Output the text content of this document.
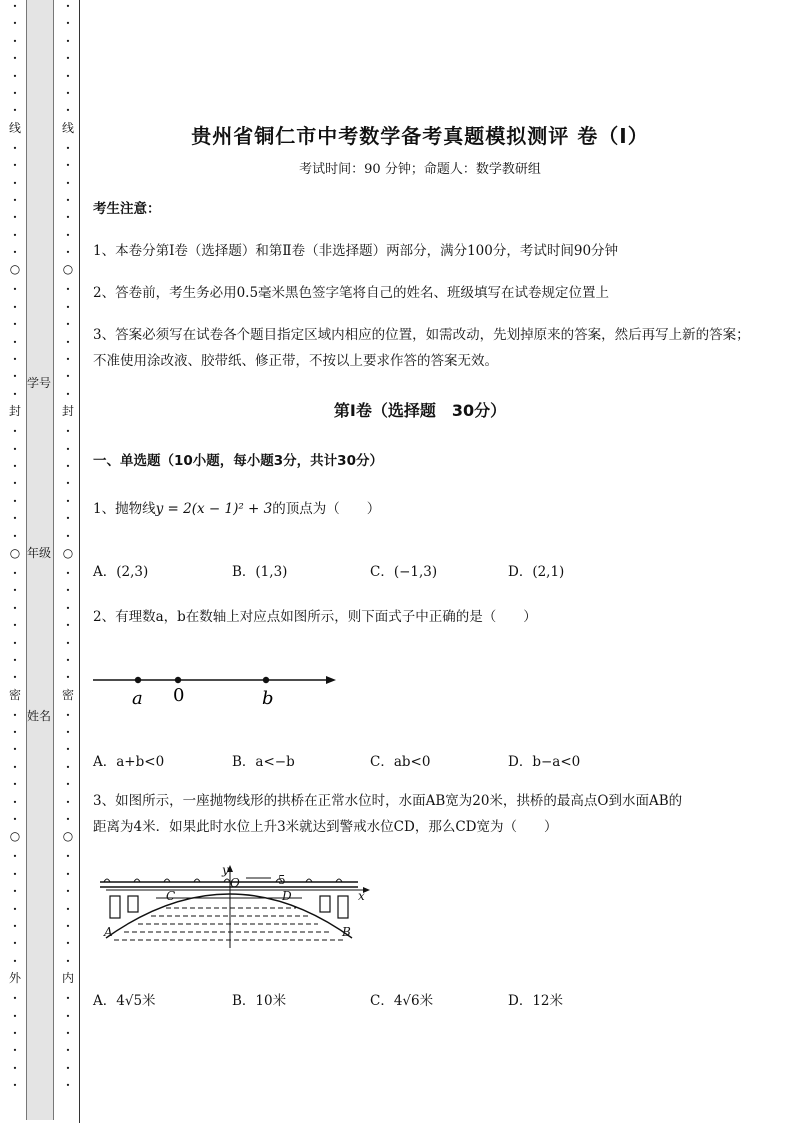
·
·
·
·
·
·
·
线
·
·
·
·
·
·
·
○
·
·
·
·
·
·
·
封
·
·
·
·
·
·
·
○
·
·
·
·
·
·
·
密
·
·
·
·
·
·
·
○
·
·
·
·
·
·
·
外
·
·
·
·
·
·
·
·
·
·
·
·
·
线
·
·
·
·
·
·
·
○
·
·
·
·
·
·
·
封
·
·
·
·
·
·
·
○
·
·
·
·
·
·
·
密
·
·
·
·
·
·
·
○
·
·
·
·
·
·
·
内
·
·
·
·
·
·
学号
年级
姓名
贵州省铜仁市中考数学备考真题模拟测评 卷（Ⅰ）
考试时间：90 分钟；命题人：数学教研组
考生注意：
1、本卷分第Ⅰ卷（选择题）和第Ⅱ卷（非选择题）两部分，满分100分，考试时间90分钟
2、答卷前，考生务必用0.5毫米黑色签字笔将自己的姓名、班级填写在试卷规定位置上
3、答案必须写在试卷各个题目指定区域内相应的位置，如需改动，先划掉原来的答案，然后再写上新的答案；不准使用涂改液、胶带纸、修正带，不按以上要求作答的答案无效。
第Ⅰ卷（选择题　30分）
一、单选题（10小题，每小题3分，共计30分）
1、抛物线y = 2(x − 1)² + 3的顶点为（　　）
A．(2,3)	B．(1,3)	C．(−1,3)	D．(2,1)
2、有理数a，b在数轴上对应点如图所示，则下面式子中正确的是（　　）
a 0	b
A．a+b<0	B．a<−b	C．ab<0	D．b−a<0
3、如图所示，一座抛物线形的拱桥在正常水位时，水面AB宽为20米，拱桥的最高点O到水面AB的
距离为4米．如果此时水位上升3米就达到警戒水位CD，那么CD宽为（　　）
y
O
C	D
A	B
x
5
A．4√5米	B．10米	C．4√6米	D．12米
